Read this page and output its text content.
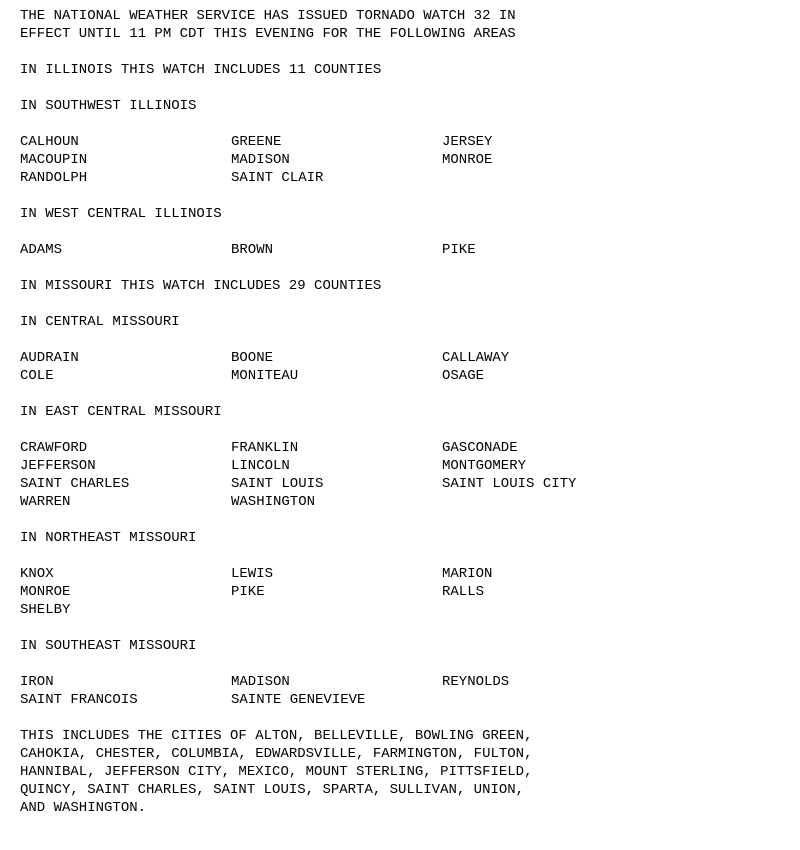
THE NATIONAL WEATHER SERVICE HAS ISSUED TORNADO WATCH 32 IN
EFFECT UNTIL 11 PM CDT THIS EVENING FOR THE FOLLOWING AREAS
IN ILLINOIS THIS WATCH INCLUDES 11 COUNTIES
IN SOUTHWEST ILLINOIS
CALHOUN	GREENE	JERSEY
MACOUPIN	MADISON	MONROE
RANDOLPH	SAINT CLAIR
IN WEST CENTRAL ILLINOIS
ADAMS	BROWN	PIKE
IN MISSOURI THIS WATCH INCLUDES 29 COUNTIES
IN CENTRAL MISSOURI
AUDRAIN	BOONE	CALLAWAY
COLE	MONITEAU	OSAGE
IN EAST CENTRAL MISSOURI
CRAWFORD	FRANKLIN	GASCONADE
JEFFERSON	LINCOLN	MONTGOMERY
SAINT CHARLES	SAINT LOUIS	SAINT LOUIS CITY
WARREN	WASHINGTON
IN NORTHEAST MISSOURI
KNOX	LEWIS	MARION
MONROE	PIKE	RALLS
SHELBY
IN SOUTHEAST MISSOURI
IRON	MADISON	REYNOLDS
SAINT FRANCOIS	SAINTE GENEVIEVE
THIS INCLUDES THE CITIES OF ALTON, BELLEVILLE, BOWLING GREEN,
CAHOKIA, CHESTER, COLUMBIA, EDWARDSVILLE, FARMINGTON, FULTON,
HANNIBAL, JEFFERSON CITY, MEXICO, MOUNT STERLING, PITTSFIELD,
QUINCY, SAINT CHARLES, SAINT LOUIS, SPARTA, SULLIVAN, UNION,
AND WASHINGTON.
